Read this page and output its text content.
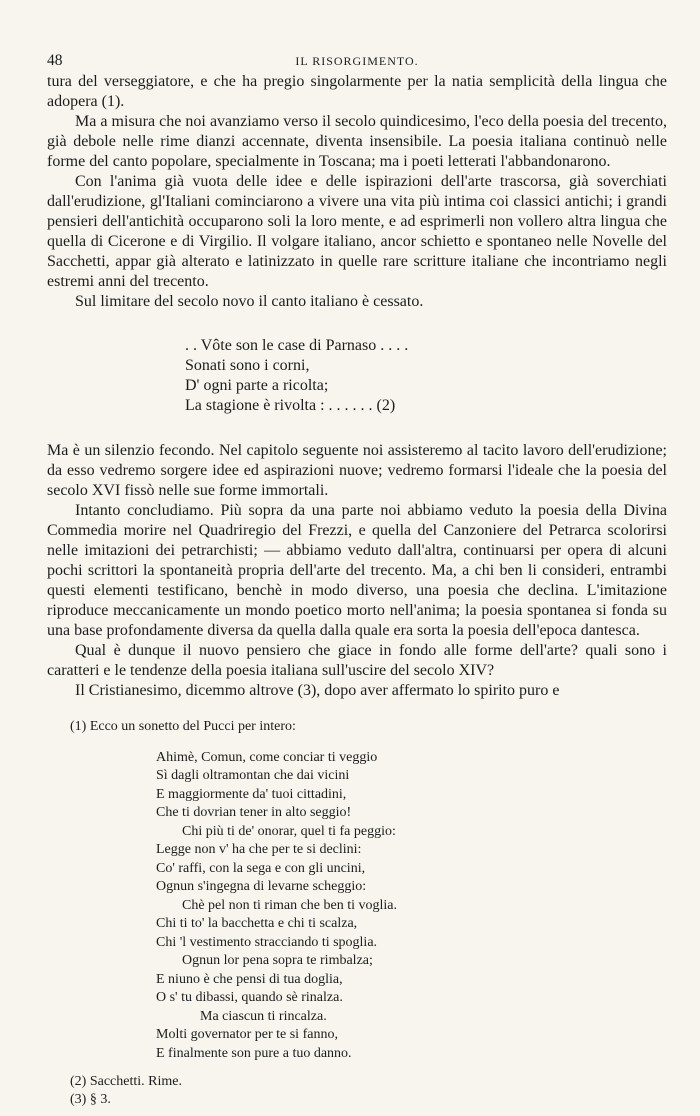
48	IL RISORGIMENTO.

tura del verseggiatore, e che ha pregio singolarmente per la natia semplicità della lingua che adopera (1).

Ma a misura che noi avanziamo verso il secolo quindicesimo, l'eco della poesia del trecento, già debole nelle rime dianzi accennate, diventa insensibile. La poesia italiana continuò nelle forme del canto popolare, specialmente in Toscana; ma i poeti letterati l'abbandonarono.

Con l'anima già vuota delle idee e delle ispirazioni dell'arte trascorsa, già soverchiati dall'erudizione, gl'Italiani cominciarono a vivere una vita più intima coi classici antichi; i grandi pensieri dell'antichità occuparono soli la loro mente, e ad esprimerli non vollero altra lingua che quella di Cicerone e di Virgilio. Il volgare italiano, ancor schietto e spontaneo nelle Novelle del Sacchetti, appar già alterato e latinizzato in quelle rare scritture italiane che incontriamo negli estremi anni del trecento.

Sul limitare del secolo novo il canto italiano è cessato.

. . Vôte son le case di Parnaso . . . .
Sonati sono i corni,
D' ogni parte a ricolta;
La stagione è rivolta : . . . . . . (2)

Ma è un silenzio fecondo. Nel capitolo seguente noi assisteremo al tacito lavoro dell'erudizione; da esso vedremo sorgere idee ed aspirazioni nuove; vedremo formarsi l'ideale che la poesia del secolo XVI fissò nelle sue forme immortali.

Intanto concludiamo. Più sopra da una parte noi abbiamo veduto la poesia della Divina Commedia morire nel Quadriregio del Frezzi, e quella del Canzoniere del Petrarca scolorirsi nelle imitazioni dei petrarchisti; — abbiamo veduto dall'altra, continuarsi per opera di alcuni pochi scrittori la spontaneità propria dell'arte del trecento. Ma, a chi ben li consideri, entrambi questi elementi testificano, benchè in modo diverso, una poesia che declina. L'imitazione riproduce meccanicamente un mondo poetico morto nell'anima; la poesia spontanea si fonda su una base profondamente diversa da quella dalla quale era sorta la poesia dell'epoca dantesca.

Qual è dunque il nuovo pensiero che giace in fondo alle forme dell'arte? quali sono i caratteri e le tendenze della poesia italiana sull'uscire del secolo XIV?

Il Cristianesimo, dicemmo altrove (3), dopo aver affermato lo spirito puro e

(1) Ecco un sonetto del Pucci per intero:
Ahimè, Comun, come conciar ti veggio
Sì dagli oltramontan che dai vicini
E maggiormente da' tuoi cittadini,
Che ti dovrian tener in alto seggio!
Chi più ti de' onorar, quel ti fa peggio:
Legge non v' ha che per te si declini:
Co' raffi, con la sega e con gli uncini,
Ognun s'ingegna di levarne scheggio:
Chè pel non ti riman che ben ti voglia.
Chi ti to' la bacchetta e chi ti scalza,
Chi 'l vestimento stracciando ti spoglia.
Ognun lor pena sopra te rimbalza;
E niuno è che pensi di tua doglia,
O s' tu dibassi, quando sè rinalza.
Ma ciascun ti rincalza.
Molti governator per te si fanno,
E finalmente son pure a tuo danno.
(2) Sacchetti. Rime.
(3) § 3.
